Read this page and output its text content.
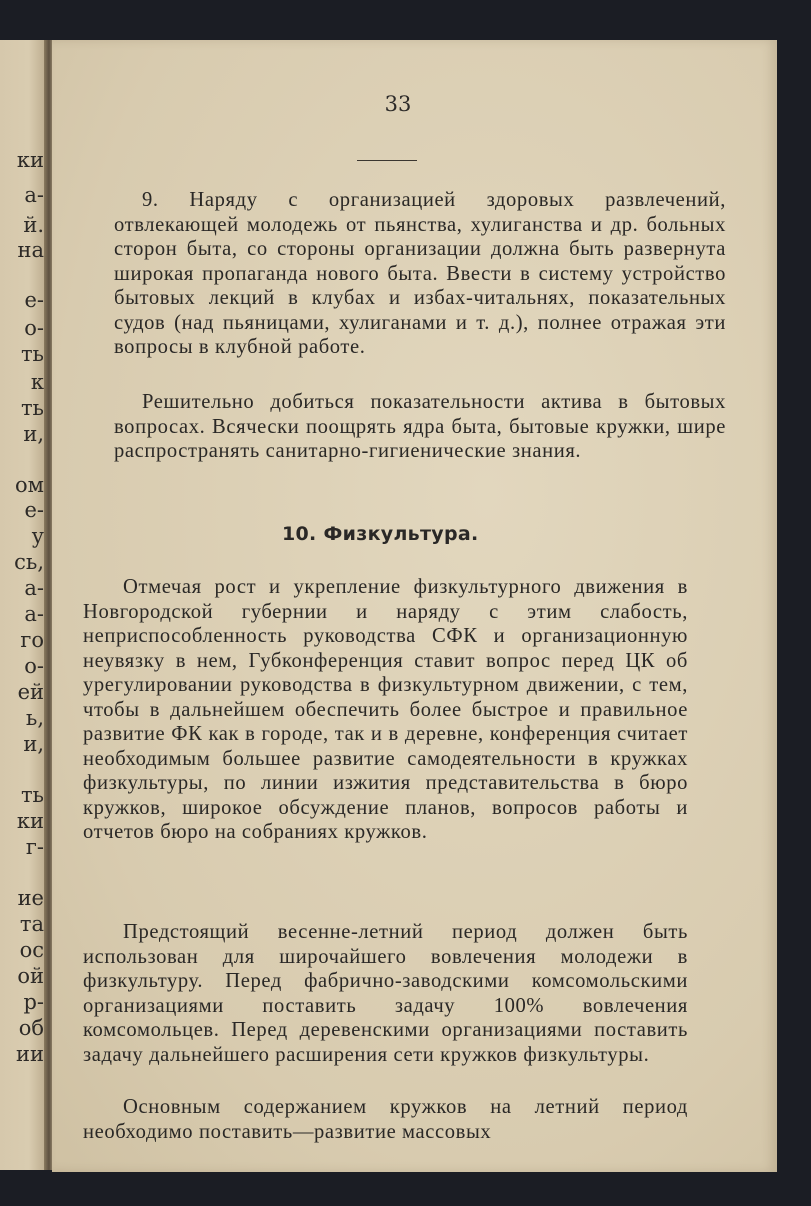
ки
а-
й.
на
е-
о-
ть
к
ть
и,
ом
е-
у
сь,
а-
а-
го
о-
ей
ь,
и,
ть
ки
г-
ие
та
ос
ой
р-
об
ии
33

9. Наряду с организацией здоровых развлечений, отвлекающей молодежь от пьянства, хулиганства и др. больных сторон быта, со стороны организации должна быть развернута широкая пропаганда нового быта. Ввести в систему устройство бытовых лекций в клубах и избах-читальнях, показательных судов (над пьяницами, хулиганами и т. д.), полнее отражая эти вопросы в клубной работе.

Решительно добиться показательности актива в бытовых вопросах. Всячески поощрять ядра быта, бытовые кружки, шире распространять санитарно-гигиенические знания.

10. Физкультура.

Отмечая рост и укрепление физкультурного движения в Новгородской губернии и наряду с этим слабость, неприспособленность руководства СФК и организационную неувязку в нем, Губконференция ставит вопрос перед ЦК об урегулировании руководства в физкультурном движении, с тем, чтобы в дальнейшем обеспечить более быстрое и правильное развитие ФК как в городе, так и в деревне, конференция считает необходимым большее развитие самодеятельности в кружках физкультуры, по линии изжития представительства в бюро кружков, широкое обсуждение планов, вопросов работы и отчетов бюро на собраниях кружков.

Предстоящий весенне-летний период должен быть использован для широчайшего вовлечения молодежи в физкультуру. Перед фабрично-заводскими комсомольскими организациями поставить задачу 100% вовлечения комсомольцев. Перед деревенскими организациями поставить задачу дальнейшего расширения сети кружков физкультуры.

Основным содержанием кружков на летний период необходимо поставить—развитие массовых
